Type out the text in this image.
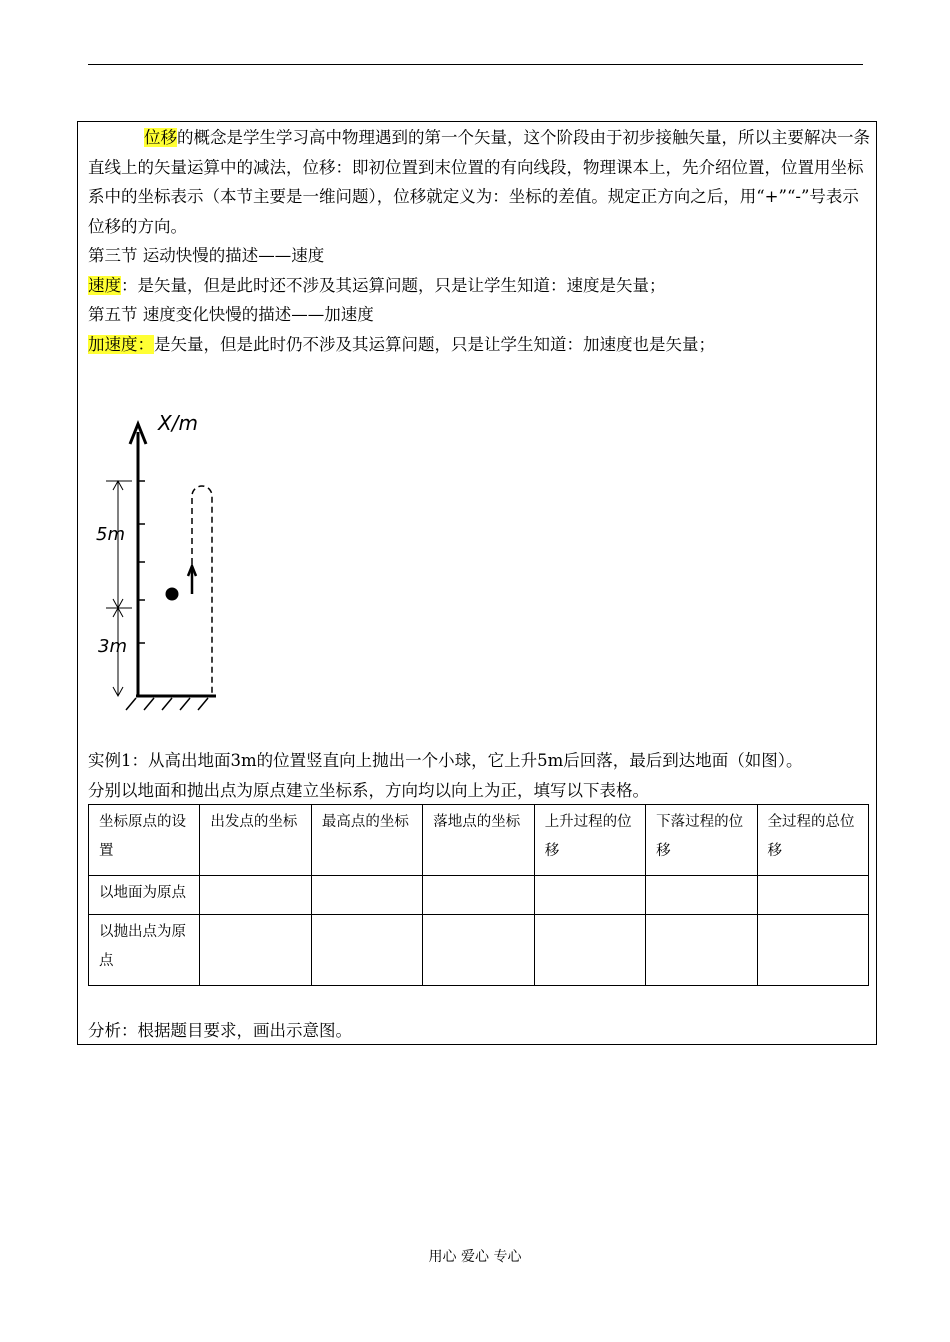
位移的概念是学生学习高中物理遇到的第一个矢量，这个阶段由于初步接触矢量，所以主要解决一条直线上的矢量运算中的减法，位移：即初位置到末位置的有向线段，物理课本上，先介绍位置，位置用坐标系中的坐标表示（本节主要是一维问题），位移就定义为：坐标的差值。规定正方向之后，用“+”“-”号表示位移的方向。

第三节 运动快慢的描述——速度

速度：是矢量，但是此时还不涉及其运算问题，只是让学生知道：速度是矢量；

第五节 速度变化快慢的描述——加速度

加速度：是矢量，但是此时仍不涉及其运算问题，只是让学生知道：加速度也是矢量；

X/m
5m
3m
实例1：从高出地面3m的位置竖直向上抛出一个小球，它上升5m后回落，最后到达地面（如图）。
分别以地面和抛出点为原点建立坐标系，方向均以向上为正，填写以下表格。
坐标原点的设置	出发点的坐标	最高点的坐标	落地点的坐标	上升过程的位移	下落过程的位移	全过程的总位移
以地面为原点						
以抛出点为原点						
分析：根据题目要求，画出示意图。
用心 爱心 专心
